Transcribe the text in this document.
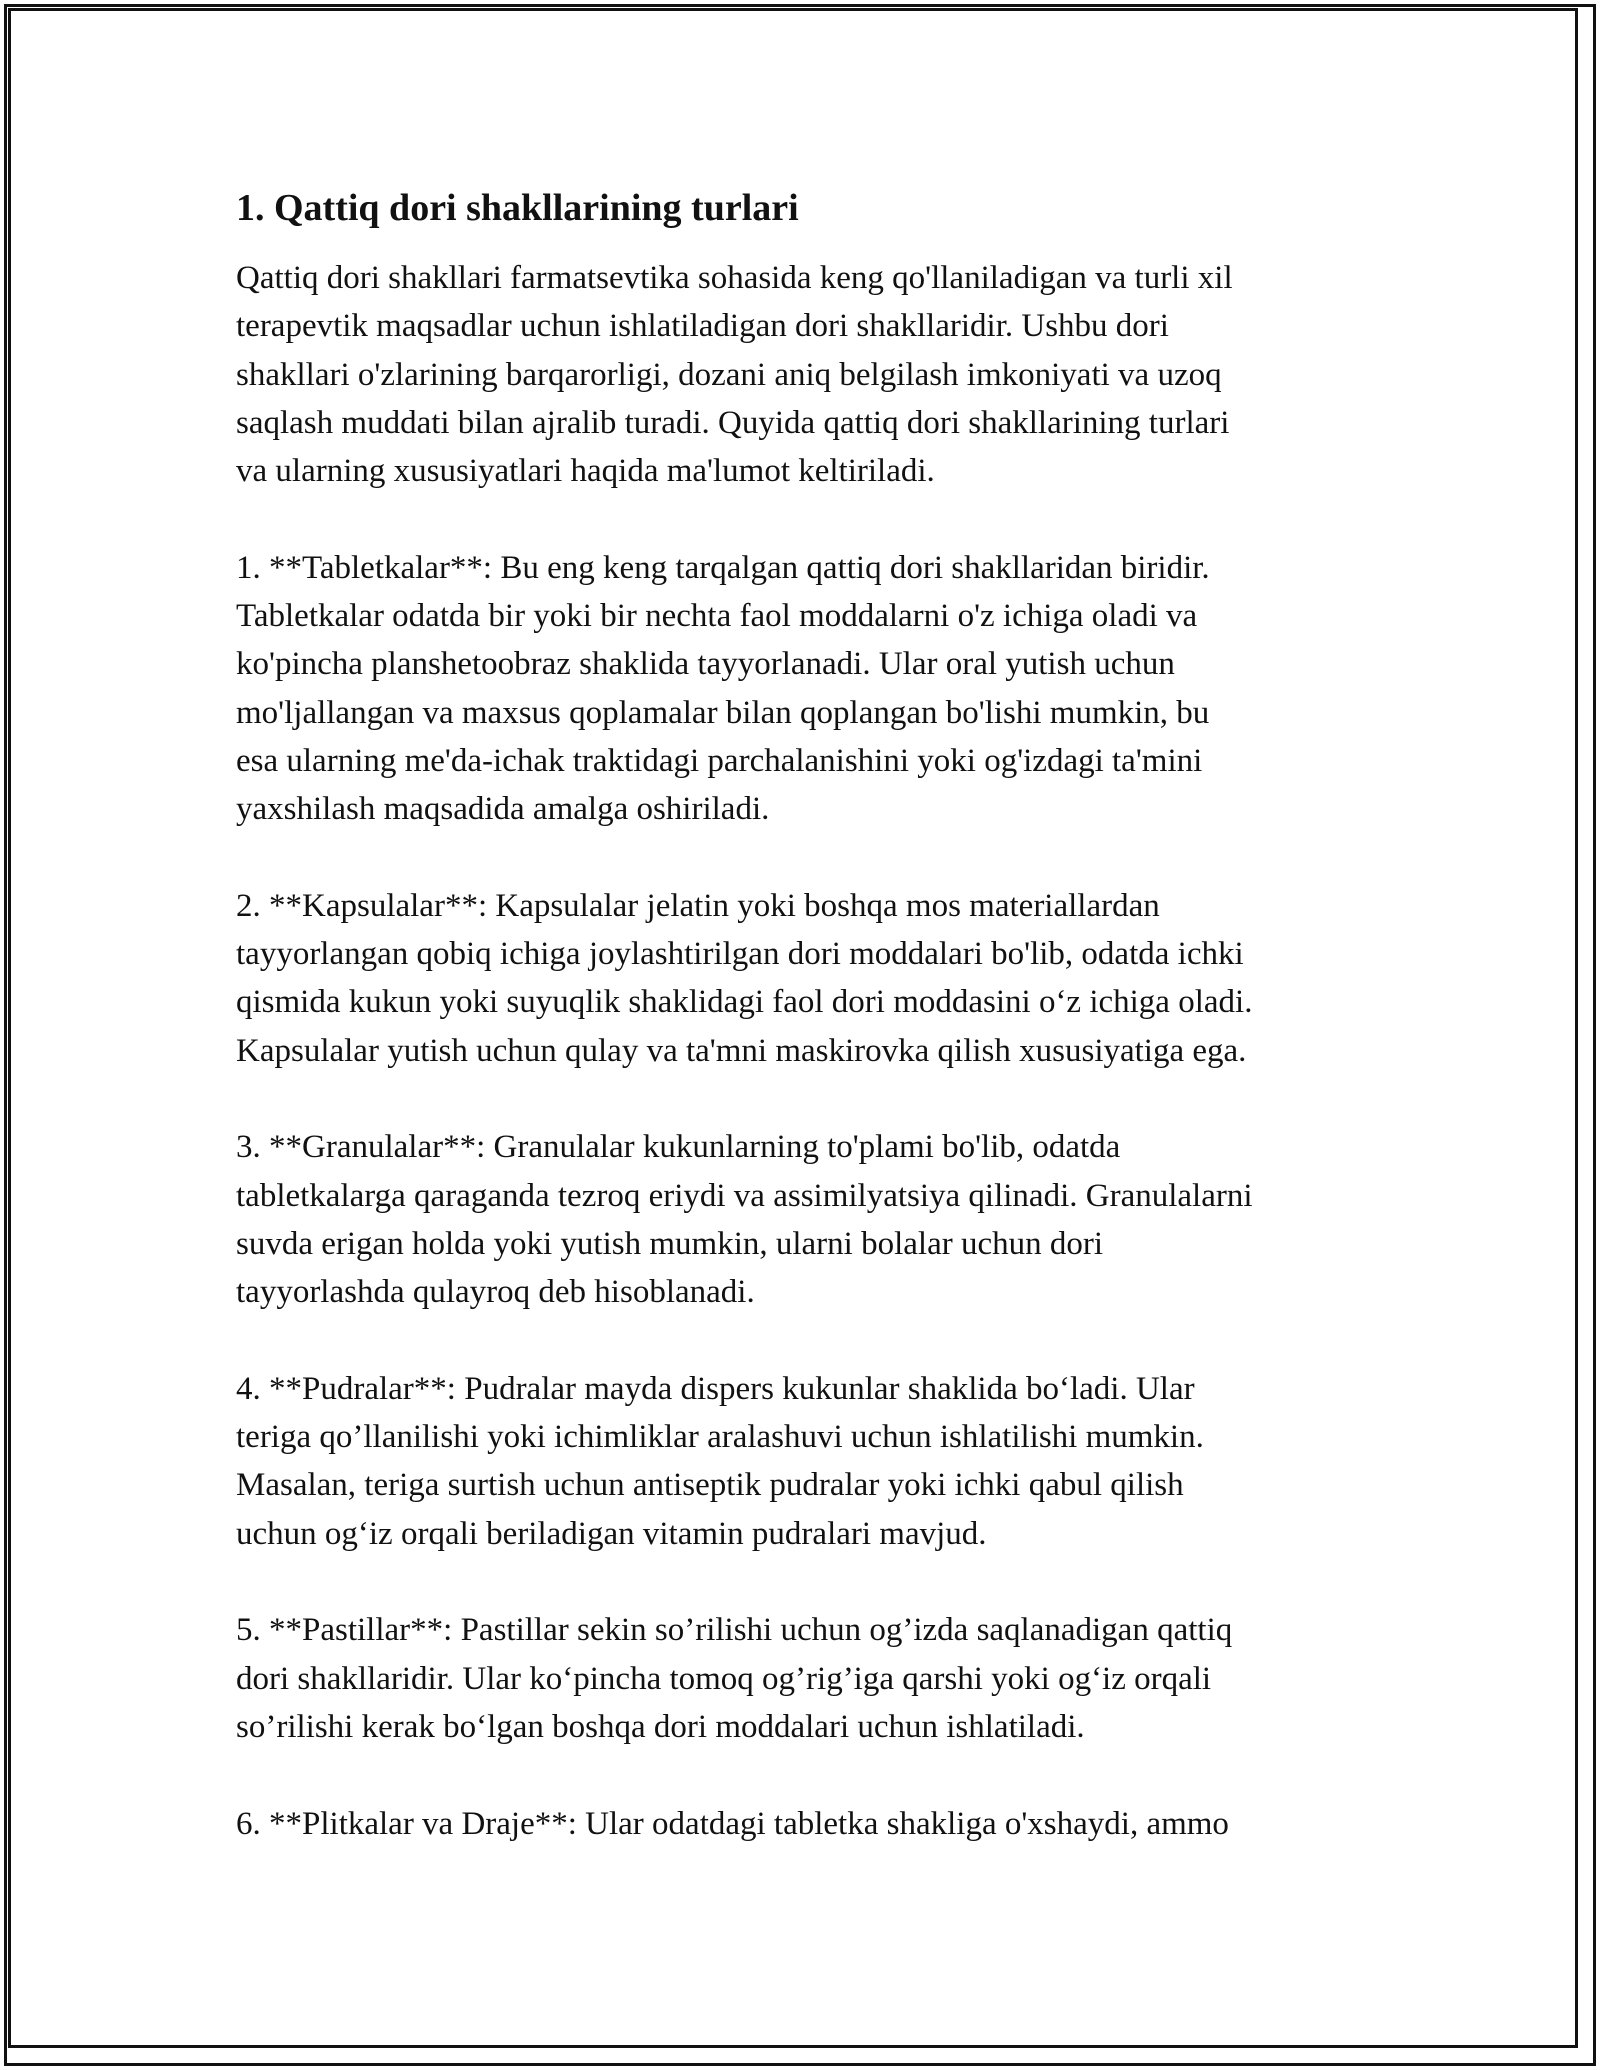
1. Qattiq dori shakllarining turlari

Qattiq dori shakllari farmatsevtika sohasida keng qo'llaniladigan va turli xil
terapevtik maqsadlar uchun ishlatiladigan dori shakllaridir. Ushbu dori
shakllari o'zlarining barqarorligi, dozani aniq belgilash imkoniyati va uzoq
saqlash muddati bilan ajralib turadi. Quyida qattiq dori shakllarining turlari
va ularning xususiyatlari haqida ma'lumot keltiriladi.

1. **Tabletkalar**: Bu eng keng tarqalgan qattiq dori shakllaridan biridir.
Tabletkalar odatda bir yoki bir nechta faol moddalarni o'z ichiga oladi va
ko'pincha planshetoobraz shaklida tayyorlanadi. Ular oral yutish uchun
mo'ljallangan va maxsus qoplamalar bilan qoplangan bo'lishi mumkin, bu
esa ularning me'da-ichak traktidagi parchalanishini yoki og'izdagi ta'mini
yaxshilash maqsadida amalga oshiriladi.

2. **Kapsulalar**: Kapsulalar jelatin yoki boshqa mos materiallardan
tayyorlangan qobiq ichiga joylashtirilgan dori moddalari bo'lib, odatda ichki
qismida kukun yoki suyuqlik shaklidagi faol dori moddasini o‘z ichiga oladi.
Kapsulalar yutish uchun qulay va ta'mni maskirovka qilish xususiyatiga ega.

3. **Granulalar**: Granulalar kukunlarning to'plami bo'lib, odatda
tabletkalarga qaraganda tezroq eriydi va assimilyatsiya qilinadi. Granulalarni
suvda erigan holda yoki yutish mumkin, ularni bolalar uchun dori
tayyorlashda qulayroq deb hisoblanadi.

4. **Pudralar**: Pudralar mayda dispers kukunlar shaklida bo‘ladi. Ular
teriga qo’llanilishi yoki ichimliklar aralashuvi uchun ishlatilishi mumkin.
Masalan, teriga surtish uchun antiseptik pudralar yoki ichki qabul qilish
uchun og‘iz orqali beriladigan vitamin pudralari mavjud.

5. **Pastillar**: Pastillar sekin so’rilishi uchun og’izda saqlanadigan qattiq
dori shakllaridir. Ular ko‘pincha tomoq og’rig’iga qarshi yoki og‘iz orqali
so’rilishi kerak bo‘lgan boshqa dori moddalari uchun ishlatiladi.

6. **Plitkalar va Draje**: Ular odatdagi tabletka shakliga o'xshaydi, ammo
